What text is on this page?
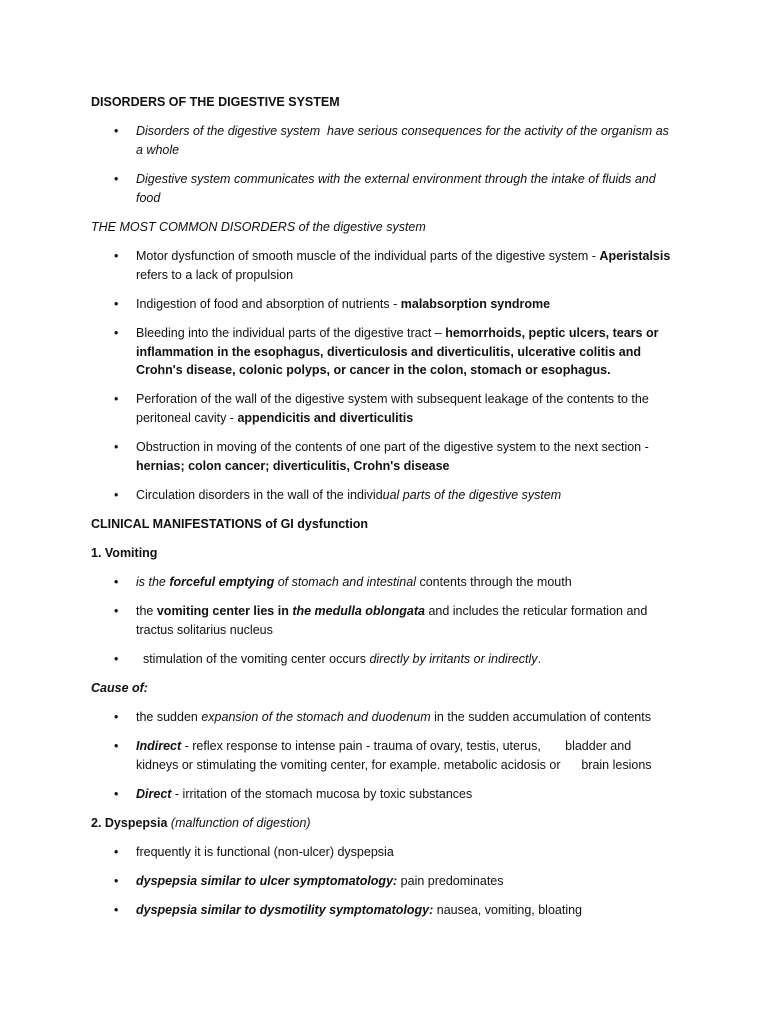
DISORDERS OF THE DIGESTIVE SYSTEM

•	Disorders of the digestive system  have serious consequences for the activity of the organism as a whole
•	Digestive system communicates with the external environment through the intake of fluids and food

THE MOST COMMON DISORDERS of the digestive system

•	Motor dysfunction of smooth muscle of the individual parts of the digestive system - Aperistalsis refers to a lack of propulsion
•	Indigestion of food and absorption of nutrients - malabsorption syndrome
•	Bleeding into the individual parts of the digestive tract – hemorrhoids, peptic ulcers, tears or inflammation in the esophagus, diverticulosis and diverticulitis, ulcerative colitis and Crohn's disease, colonic polyps, or cancer in the colon, stomach or esophagus.
•	Perforation of the wall of the digestive system with subsequent leakage of the contents to the peritoneal cavity - appendicitis and diverticulitis
•	Obstruction in moving of the contents of one part of the digestive system to the next section - hernias; colon cancer; diverticulitis, Crohn's disease
•	Circulation disorders in the wall of the individual parts of the digestive system

CLINICAL MANIFESTATIONS of GI dysfunction

1. Vomiting

•	is the forceful emptying of stomach and intestinal contents through the mouth
•	the vomiting center lies in the medulla oblongata and includes the reticular formation and tractus solitarius nucleus
•	stimulation of the vomiting center occurs directly by irritants or indirectly.

Cause of:

•	the sudden expansion of the stomach and duodenum in the sudden accumulation of contents
•	Indirect - reflex response to intense pain - trauma of ovary, testis, uterus,       bladder and kidneys or stimulating the vomiting center, for example. metabolic acidosis or      brain lesions
•	Direct - irritation of the stomach mucosa by toxic substances

2. Dyspepsia (malfunction of digestion)

•	frequently it is functional (non-ulcer) dyspepsia
•	dyspepsia similar to ulcer symptomatology: pain predominates
•	dyspepsia similar to dysmotility symptomatology: nausea, vomiting, bloating
